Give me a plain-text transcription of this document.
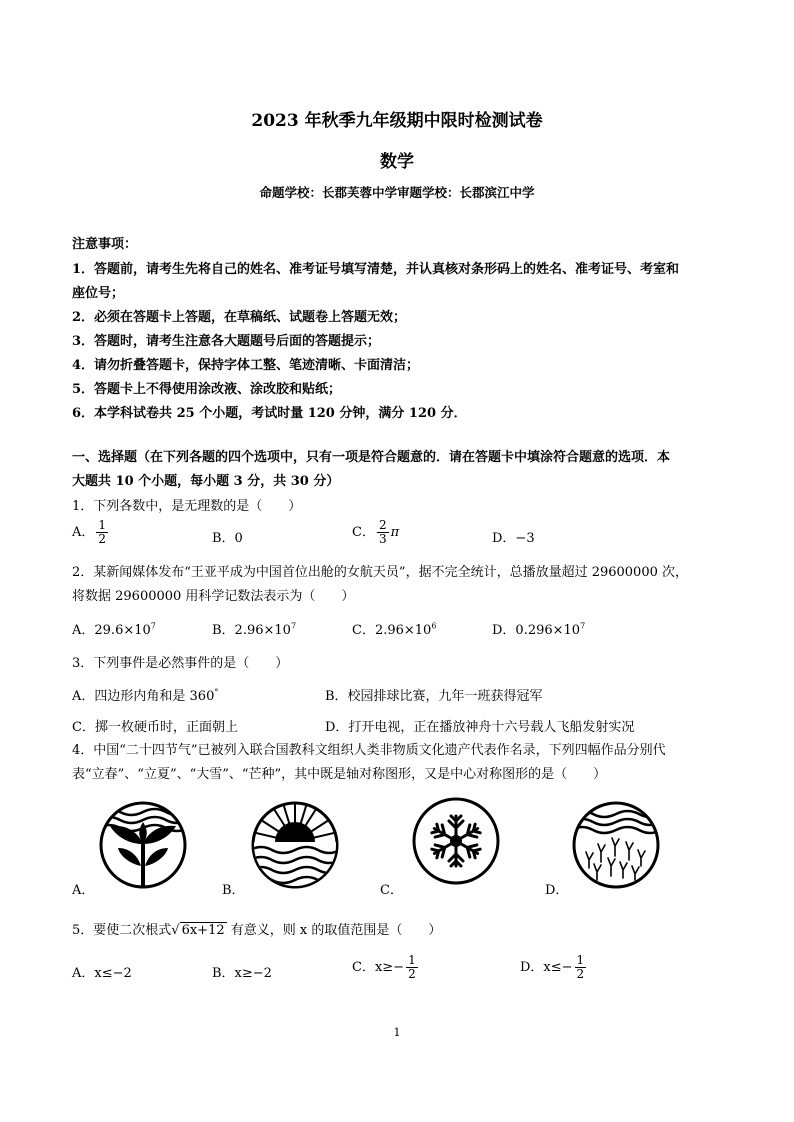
2023 年秋季九年级期中限时检测试卷
数学
命题学校：长郡芙蓉中学审题学校：长郡滨江中学
注意事项：
1．答题前，请考生先将自己的姓名、准考证号填写清楚，并认真核对条形码上的姓名、准考证号、考室和
座位号；
2．必须在答题卡上答题，在草稿纸、试题卷上答题无效；
3．答题时，请考生注意各大题题号后面的答题提示；
4．请勿折叠答题卡，保持字体工整、笔迹清晰、卡面清洁；
5．答题卡上不得使用涂改液、涂改胶和贴纸；
6．本学科试卷共 25 个小题，考试时量 120 分钟，满分 120 分．
一、选择题（在下列各题的四个选项中，只有一项是符合题意的．请在答题卡中填涂符合题意的选项．本
大题共 10 个小题，每小题 3 分，共 30 分）
1．下列各数中，是无理数的是（　　）
A． $\frac{1}{2}$	B．0	C． $\frac{2}{3}$ π	D．−3
2．某新闻媒体发布“王亚平成为中国首位出舱的女航天员”，据不完全统计，总播放量超过 29600000 次，
将数据 29600000 用科学记数法表示为（　　）
A．$29.6\times 10^7$	B．$2.96\times 10^7$	C．$2.96\times 10^6$	D．$0.296\times 10^7$
3．下列事件是必然事件的是（　　）
A．四边形内角和是 360°	B．校园排球比赛，九年一班获得冠军
C．掷一枚硬币时，正面朝上	D．打开电视，正在播放神舟十六号载人飞船发射实况
4．中国“二十四节气”已被列入联合国教科文组织人类非物质文化遗产代表作名录，下列四幅作品分别代
表“立春”、“立夏”、“大雪”、“芒种”，其中既是轴对称图形，又是中心对称图形的是（　　）
A．	B．	C．	D．
5．要使二次根式√ 6x+12 有意义，则 x 的取值范围是（　　）
A．x≤−2	B．x≥−2	C．$x\ge- \frac{1}{2}$	D．$x\le- \frac{1}{2}$
1
